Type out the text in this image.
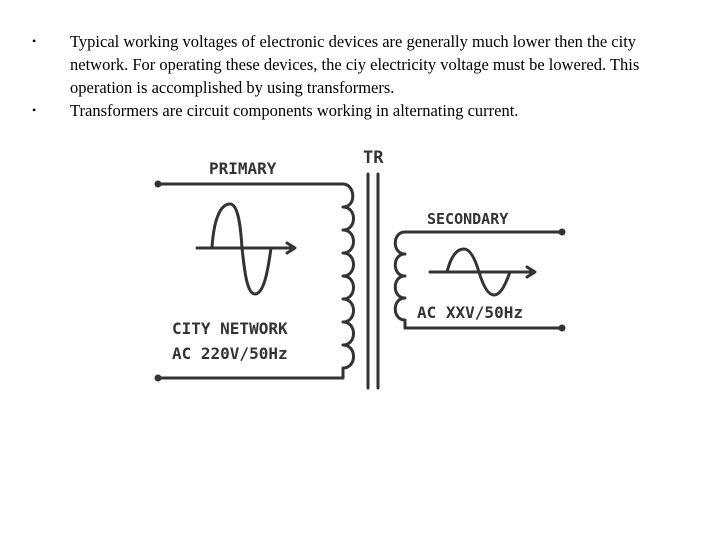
• Typical working voltages of electronic devices are generally much lower then the city network. For operating these devices, the ciy electricity voltage must be lowered. This operation is accomplished by using transformers.
• Transformers are circuit components working in alternating current.
TR
PRIMARY
SECONDARY
CITY NETWORK
AC 220V/50Hz
AC XXV/50Hz
